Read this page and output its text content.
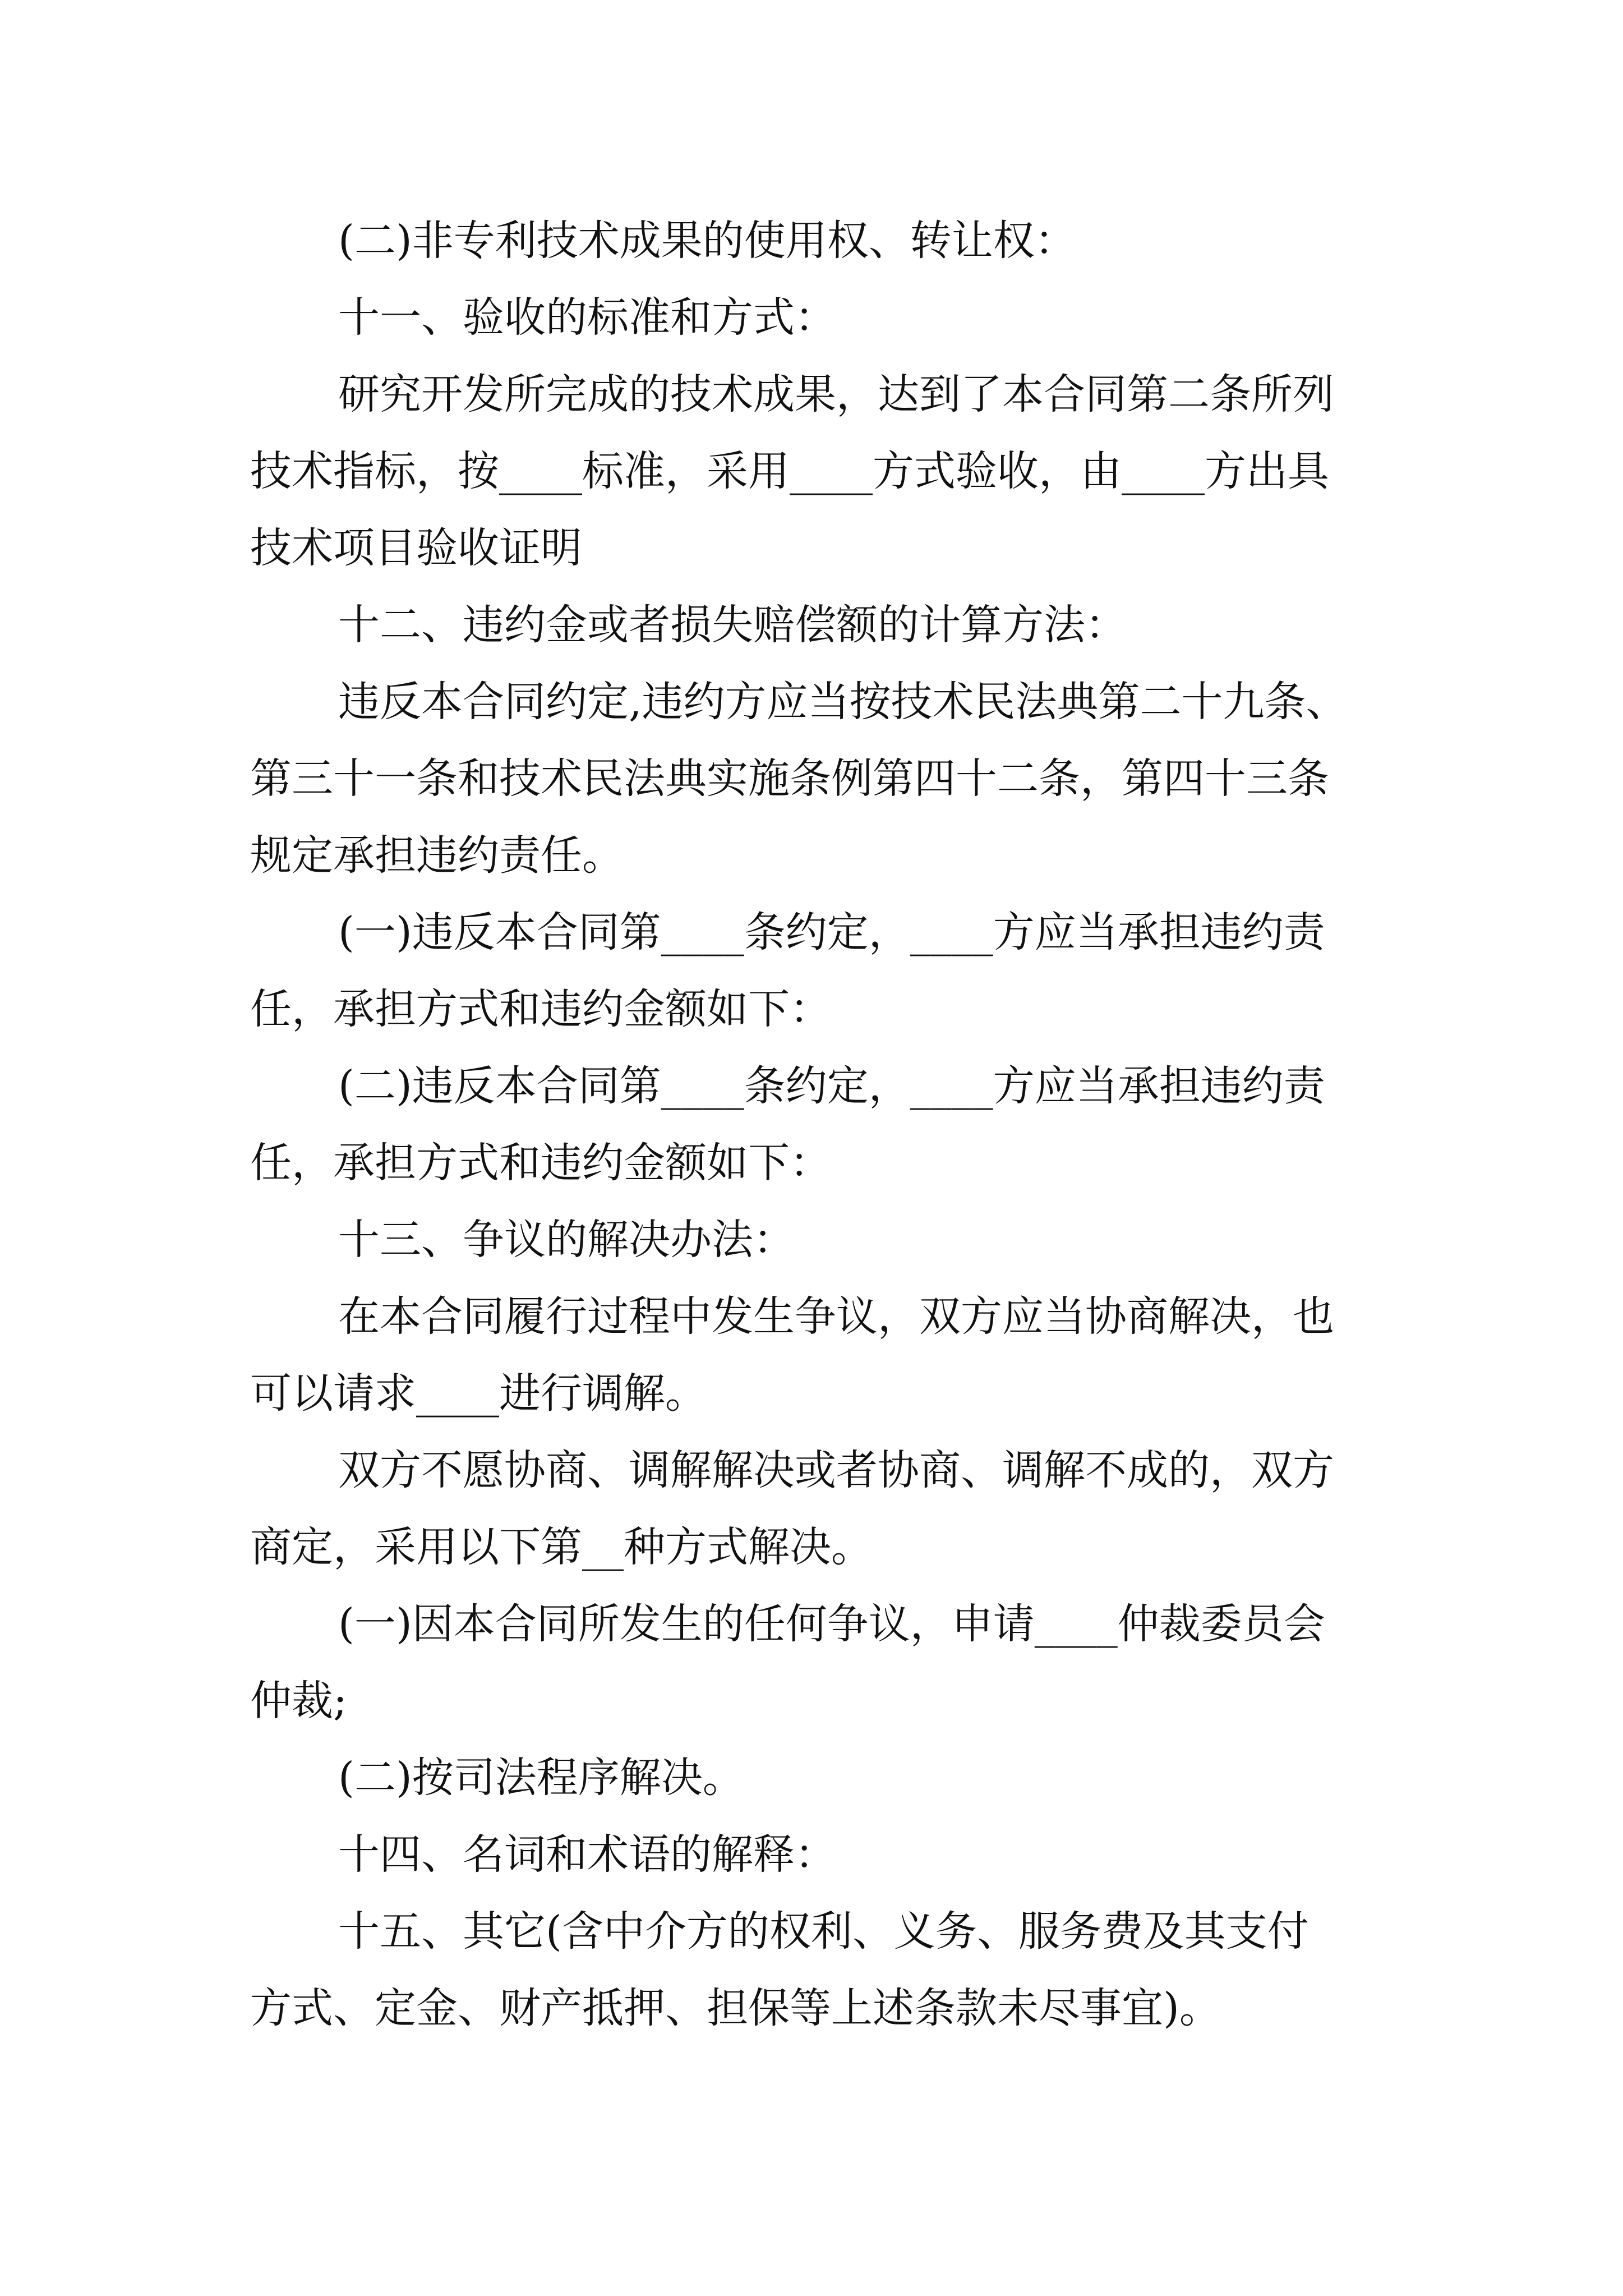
(二)非专利技术成果的使用权、转让权：
十一、验收的标准和方式：
研究开发所完成的技术成果，达到了本合同第二条所列
技术指标，按____标准，采用____方式验收，由____方出具
技术项目验收证明
十二、违约金或者损失赔偿额的计算方法：
违反本合同约定,违约方应当按技术民法典第二十九条、
第三十一条和技术民法典实施条例第四十二条，第四十三条
规定承担违约责任。
(一)违反本合同第____条约定，____方应当承担违约责
任，承担方式和违约金额如下：
(二)违反本合同第____条约定，____方应当承担违约责
任，承担方式和违约金额如下：
十三、争议的解决办法：
在本合同履行过程中发生争议，双方应当协商解决，也
可以请求____进行调解。
双方不愿协商、调解解决或者协商、调解不成的，双方
商定，采用以下第__种方式解决。
(一)因本合同所发生的任何争议，申请____仲裁委员会
仲裁;
(二)按司法程序解决。
十四、名词和术语的解释：
十五、其它(含中介方的权利、义务、服务费及其支付
方式、定金、财产抵押、担保等上述条款未尽事宜)。
